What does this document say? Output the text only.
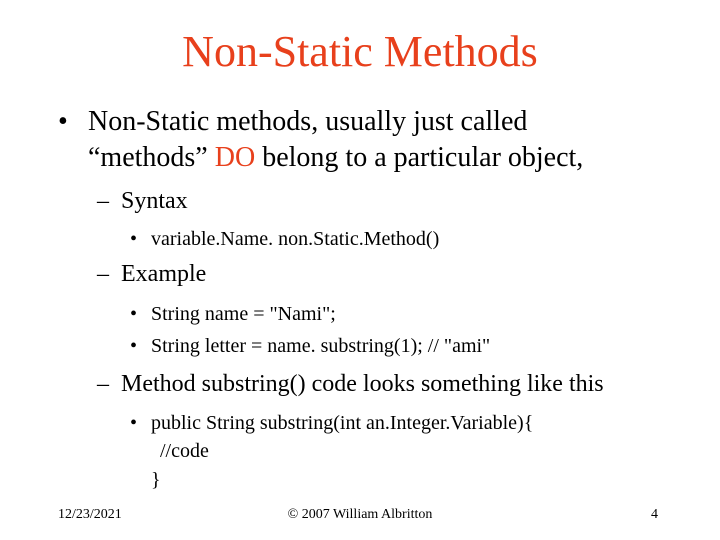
Non-Static Methods
• Non-Static methods, usually just called
“methods” DO belong to a particular object,
– Syntax
• variable.Name. non.Static.Method()
– Example
• String name = "Nami";
• String letter = name. substring(1); // "ami"
– Method substring() code looks something like this
• public String substring(int an.Integer.Variable){
//code
}
12/23/2021	© 2007 William Albritton	4
